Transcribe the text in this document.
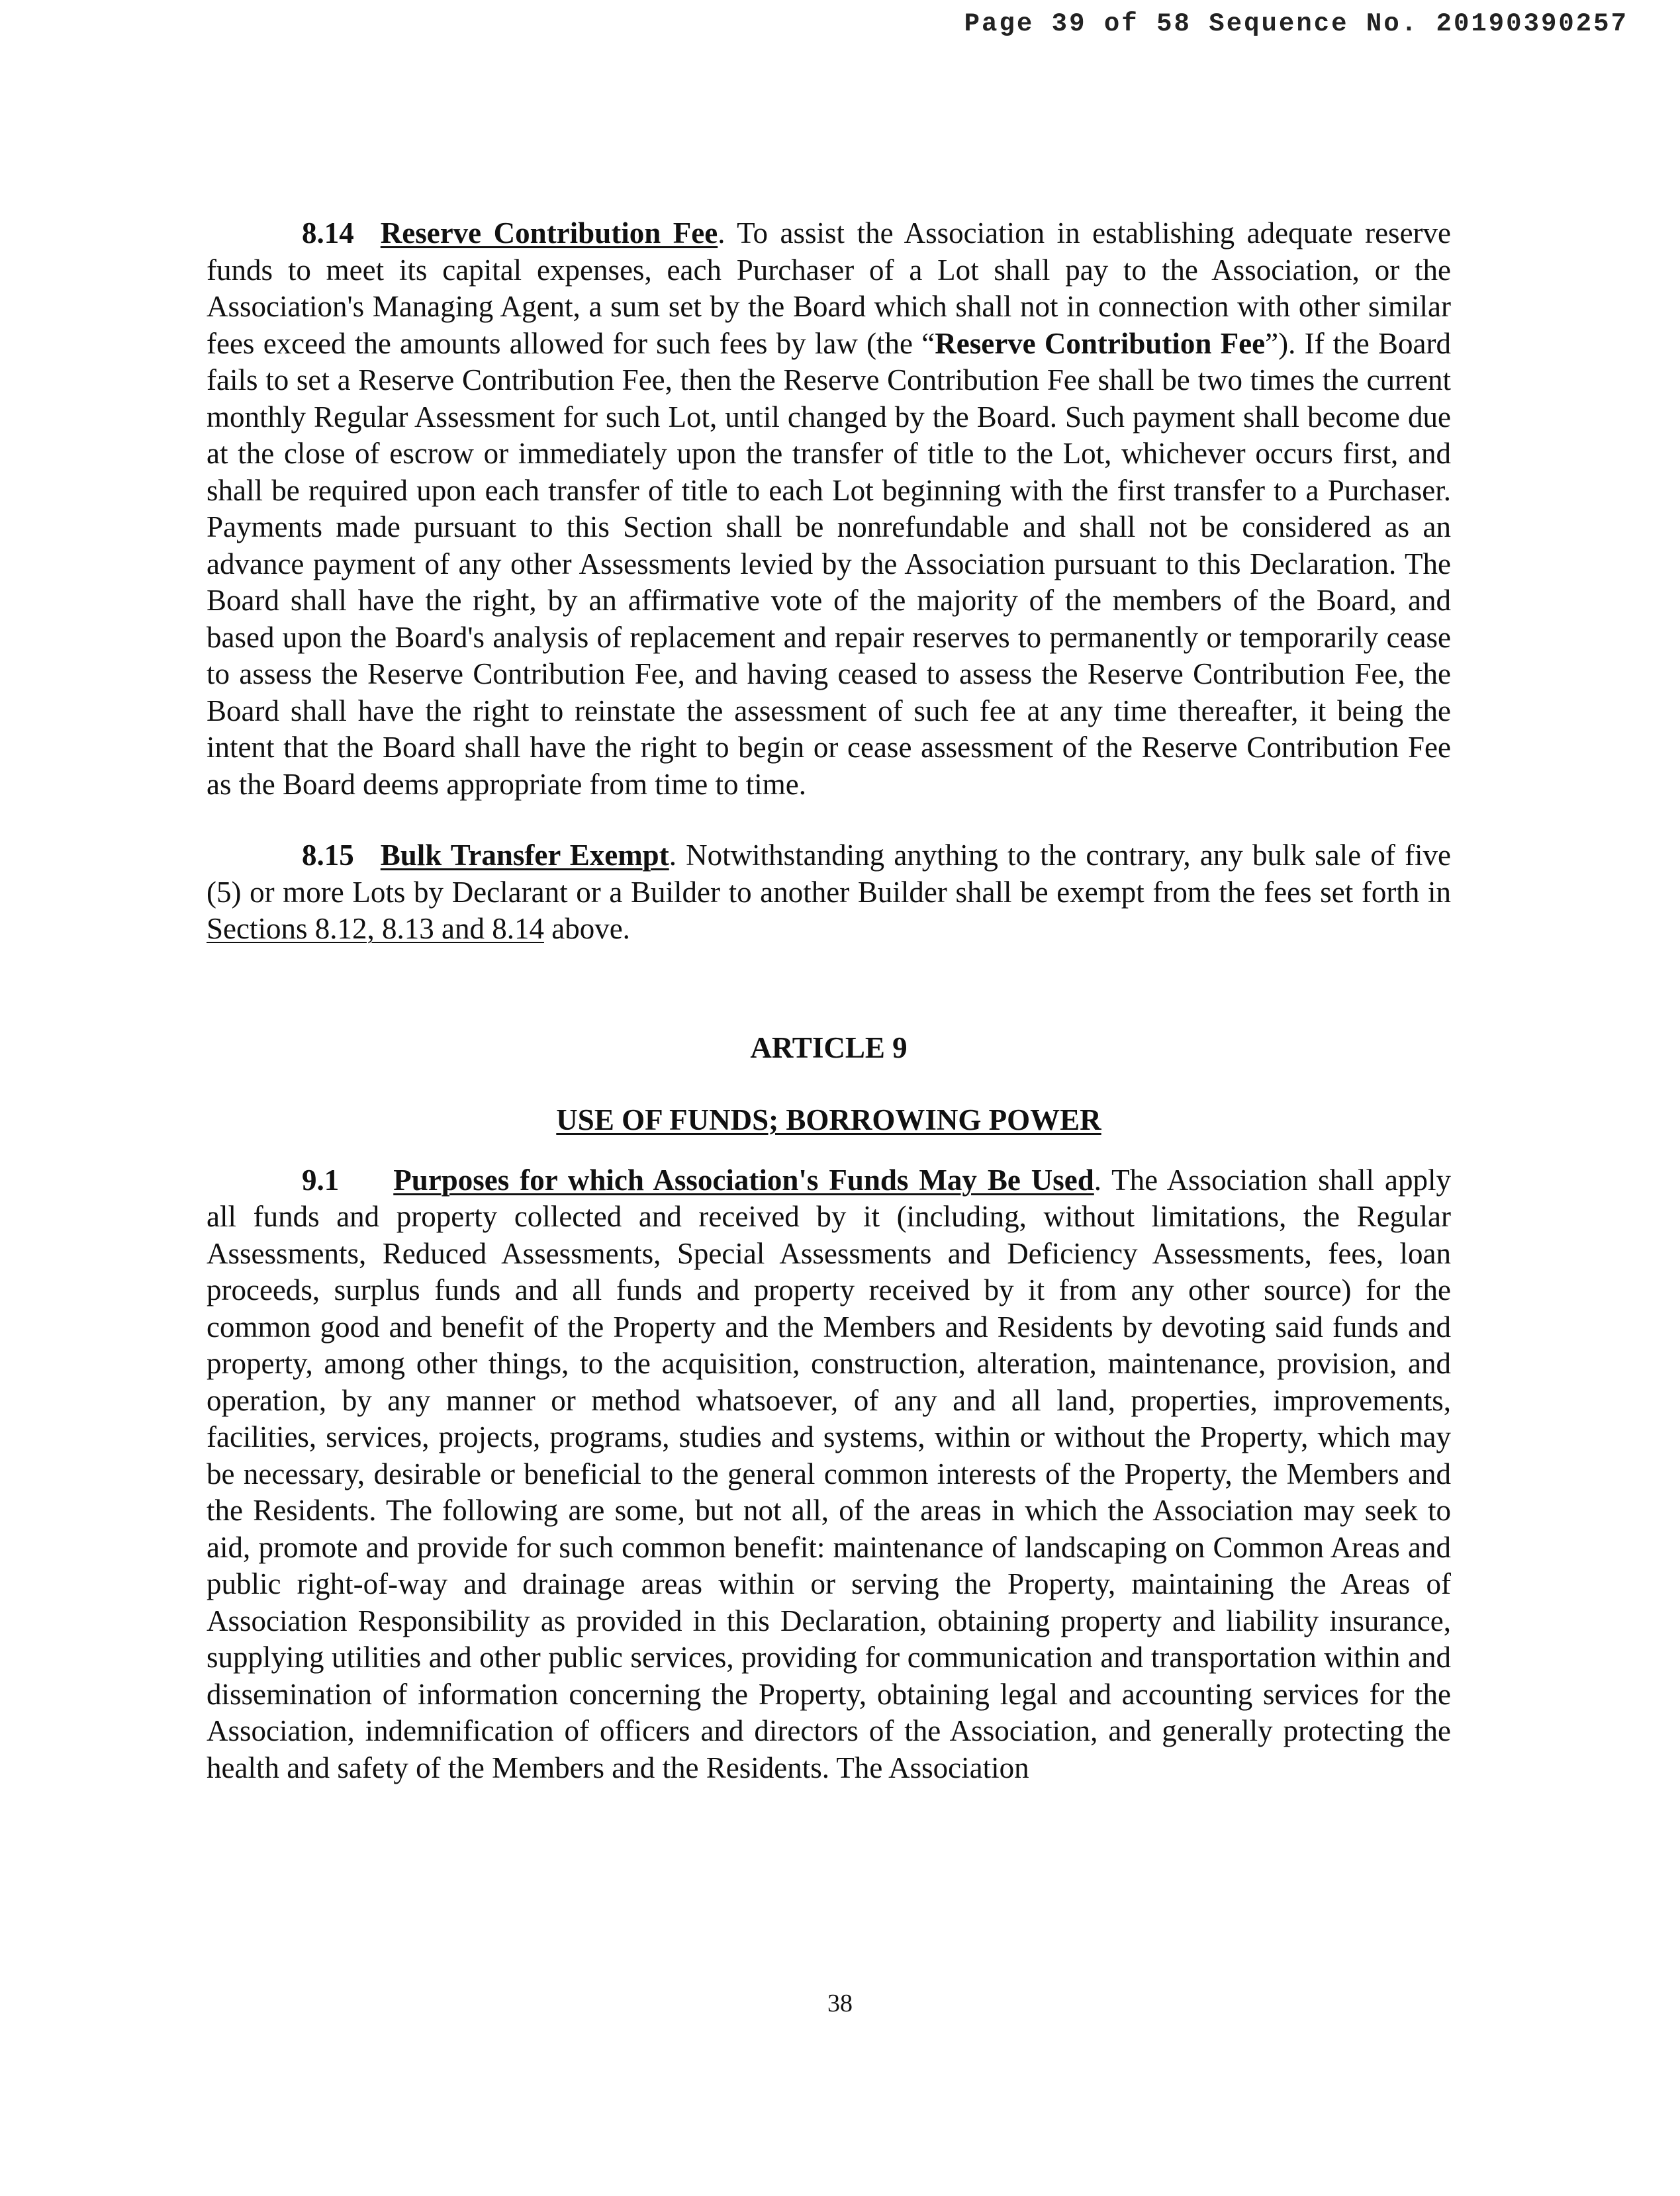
Page 39 of 58 Sequence No. 20190390257

8.14 Reserve Contribution Fee. To assist the Association in establishing adequate reserve funds to meet its capital expenses, each Purchaser of a Lot shall pay to the Association, or the Association's Managing Agent, a sum set by the Board which shall not in connection with other similar fees exceed the amounts allowed for such fees by law (the “Reserve Contribution Fee”). If the Board fails to set a Reserve Contribution Fee, then the Reserve Contribution Fee shall be two times the current monthly Regular Assessment for such Lot, until changed by the Board. Such payment shall become due at the close of escrow or immediately upon the transfer of title to the Lot, whichever occurs first, and shall be required upon each transfer of title to each Lot beginning with the first transfer to a Purchaser. Payments made pursuant to this Section shall be nonrefundable and shall not be considered as an advance payment of any other Assessments levied by the Association pursuant to this Declaration. The Board shall have the right, by an affirmative vote of the majority of the members of the Board, and based upon the Board's analysis of replacement and repair reserves to permanently or temporarily cease to assess the Reserve Contribution Fee, and having ceased to assess the Reserve Contribution Fee, the Board shall have the right to reinstate the assessment of such fee at any time thereafter, it being the intent that the Board shall have the right to begin or cease assessment of the Reserve Contribution Fee as the Board deems appropriate from time to time.

8.15 Bulk Transfer Exempt. Notwithstanding anything to the contrary, any bulk sale of five (5) or more Lots by Declarant or a Builder to another Builder shall be exempt from the fees set forth in Sections 8.12, 8.13 and 8.14 above.

ARTICLE 9
USE OF FUNDS; BORROWING POWER

9.1 Purposes for which Association's Funds May Be Used. The Association shall apply all funds and property collected and received by it (including, without limitations, the Regular Assessments, Reduced Assessments, Special Assessments and Deficiency Assessments, fees, loan proceeds, surplus funds and all funds and property received by it from any other source) for the common good and benefit of the Property and the Members and Residents by devoting said funds and property, among other things, to the acquisition, construction, alteration, maintenance, provision, and operation, by any manner or method whatsoever, of any and all land, properties, improvements, facilities, services, projects, programs, studies and systems, within or without the Property, which may be necessary, desirable or beneficial to the general common interests of the Property, the Members and the Residents. The following are some, but not all, of the areas in which the Association may seek to aid, promote and provide for such common benefit: maintenance of landscaping on Common Areas and public right-of-way and drainage areas within or serving the Property, maintaining the Areas of Association Responsibility as provided in this Declaration, obtaining property and liability insurance, supplying utilities and other public services, providing for communication and transportation within and dissemination of information concerning the Property, obtaining legal and accounting services for the Association, indemnification of officers and directors of the Association, and generally protecting the health and safety of the Members and the Residents. The Association

38
